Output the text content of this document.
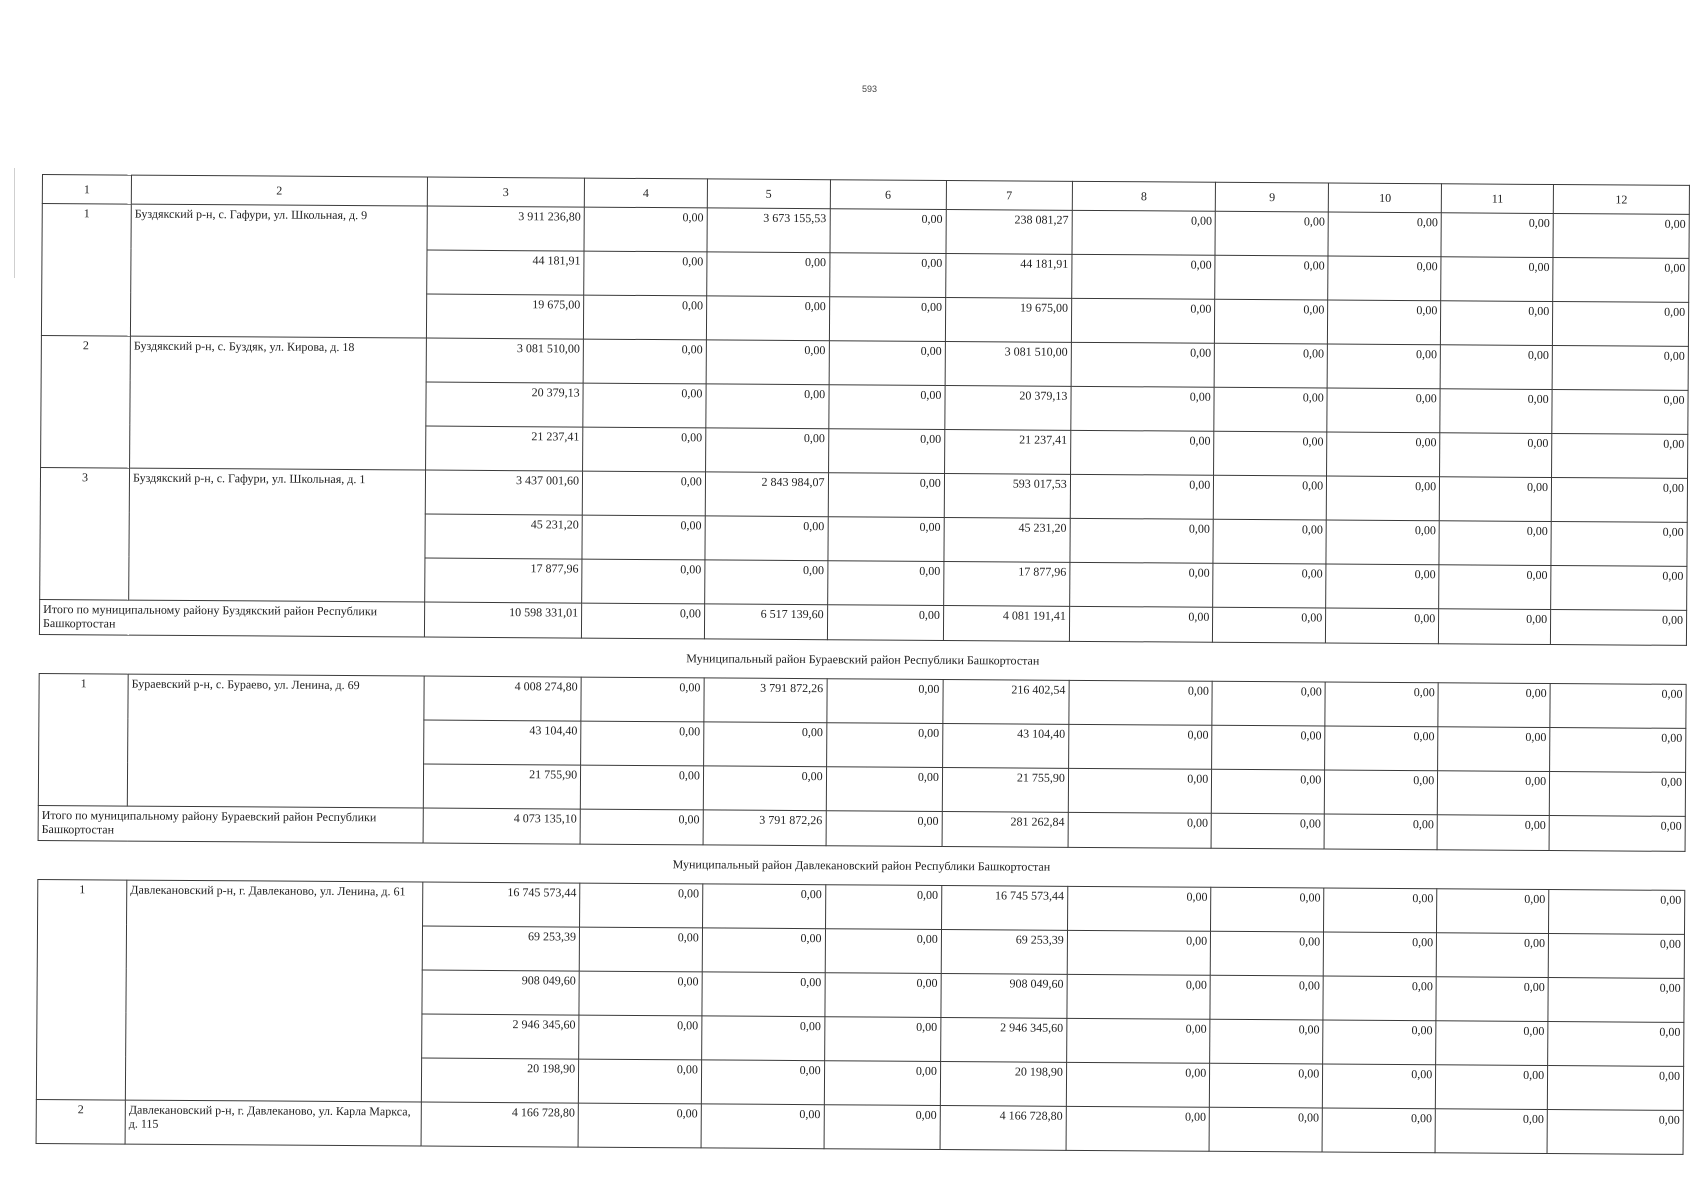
593
1	2	3	4	5	6	7	8	9	10	11	12
1	Буздякский р-н, с. Гафури, ул. Школьная, д. 9	3 911 236,80	0,00	3 673 155,53	0,00	238 081,27	0,00	0,00	0,00	0,00	0,00
		44 181,91	0,00	0,00	0,00	44 181,91	0,00	0,00	0,00	0,00	0,00
		19 675,00	0,00	0,00	0,00	19 675,00	0,00	0,00	0,00	0,00	0,00
2	Буздякский р-н, с. Буздяк, ул. Кирова, д. 18	3 081 510,00	0,00	0,00	0,00	3 081 510,00	0,00	0,00	0,00	0,00	0,00
		20 379,13	0,00	0,00	0,00	20 379,13	0,00	0,00	0,00	0,00	0,00
		21 237,41	0,00	0,00	0,00	21 237,41	0,00	0,00	0,00	0,00	0,00
3	Буздякский р-н, с. Гафури, ул. Школьная, д. 1	3 437 001,60	0,00	2 843 984,07	0,00	593 017,53	0,00	0,00	0,00	0,00	0,00
		45 231,20	0,00	0,00	0,00	45 231,20	0,00	0,00	0,00	0,00	0,00
		17 877,96	0,00	0,00	0,00	17 877,96	0,00	0,00	0,00	0,00	0,00
Итого по муниципальному району Буздякский район Республики Башкортостан		10 598 331,01	0,00	6 517 139,60	0,00	4 081 191,41	0,00	0,00	0,00	0,00	0,00
Муниципальный район Бураевский район Республики Башкортостан											
1	Бураевский р-н, с. Бураево, ул. Ленина, д. 69	4 008 274,80	0,00	3 791 872,26	0,00	216 402,54	0,00	0,00	0,00	0,00	0,00
		43 104,40	0,00	0,00	0,00	43 104,40	0,00	0,00	0,00	0,00	0,00
		21 755,90	0,00	0,00	0,00	21 755,90	0,00	0,00	0,00	0,00	0,00
Итого по муниципальному району Бураевский район Республики Башкортостан		4 073 135,10	0,00	3 791 872,26	0,00	281 262,84	0,00	0,00	0,00	0,00	0,00
Муниципальный район Давлекановский район Республики Башкортостан											
1	Давлекановский р-н, г. Давлеканово, ул. Ленина, д. 61	16 745 573,44	0,00	0,00	0,00	16 745 573,44	0,00	0,00	0,00	0,00	0,00
		69 253,39	0,00	0,00	0,00	69 253,39	0,00	0,00	0,00	0,00	0,00
		908 049,60	0,00	0,00	0,00	908 049,60	0,00	0,00	0,00	0,00	0,00
		2 946 345,60	0,00	0,00	0,00	2 946 345,60	0,00	0,00	0,00	0,00	0,00
		20 198,90	0,00	0,00	0,00	20 198,90	0,00	0,00	0,00	0,00	0,00
2	Давлекановский р-н, г. Давлеканово, ул. Карла Маркса, д. 115	4 166 728,80	0,00	0,00	0,00	4 166 728,80	0,00	0,00	0,00	0,00	0,00
